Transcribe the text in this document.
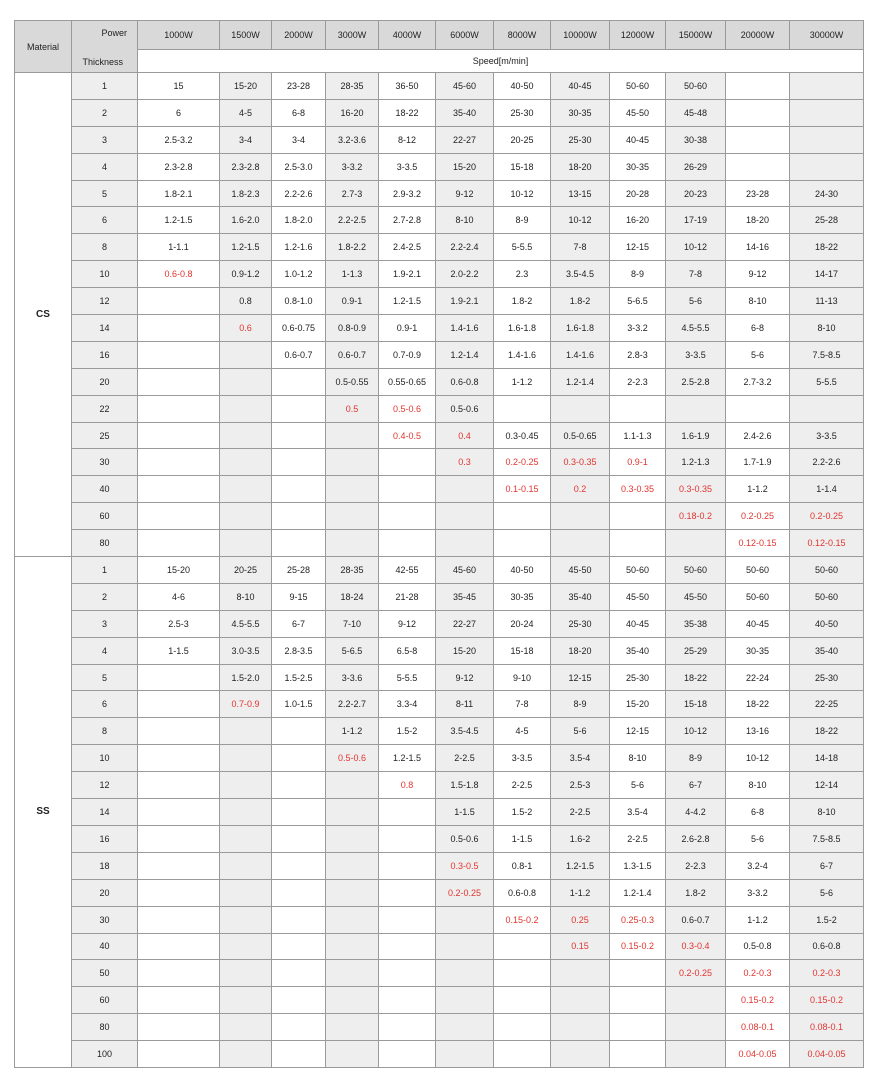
Material	Power
Thickness	1000W	1500W	2000W	3000W	4000W	6000W	8000W	10000W	12000W	15000W	20000W	30000W
		Speed[m/min]											
CS	1	15	15-20	23-28	28-35	36-50	45-60	40-50	40-45	50-60	50-60		
	2	6	4-5	6-8	16-20	18-22	35-40	25-30	30-35	45-50	45-48		
	3	2.5-3.2	3-4	3-4	3.2-3.6	8-12	22-27	20-25	25-30	40-45	30-38		
	4	2.3-2.8	2.3-2.8	2.5-3.0	3-3.2	3-3.5	15-20	15-18	18-20	30-35	26-29		
	5	1.8-2.1	1.8-2.3	2.2-2.6	2.7-3	2.9-3.2	9-12	10-12	13-15	20-28	20-23	23-28	24-30
	6	1.2-1.5	1.6-2.0	1.8-2.0	2.2-2.5	2.7-2.8	8-10	8-9	10-12	16-20	17-19	18-20	25-28
	8	1-1.1	1.2-1.5	1.2-1.6	1.8-2.2	2.4-2.5	2.2-2.4	5-5.5	7-8	12-15	10-12	14-16	18-22
	10	0.6-0.8	0.9-1.2	1.0-1.2	1-1.3	1.9-2.1	2.0-2.2	2.3	3.5-4.5	8-9	7-8	9-12	14-17
	12		0.8	0.8-1.0	0.9-1	1.2-1.5	1.9-2.1	1.8-2	1.8-2	5-6.5	5-6	8-10	11-13
	14		0.6	0.6-0.75	0.8-0.9	0.9-1	1.4-1.6	1.6-1.8	1.6-1.8	3-3.2	4.5-5.5	6-8	8-10
	16			0.6-0.7	0.6-0.7	0.7-0.9	1.2-1.4	1.4-1.6	1.4-1.6	2.8-3	3-3.5	5-6	7.5-8.5
	20				0.5-0.55	0.55-0.65	0.6-0.8	1-1.2	1.2-1.4	2-2.3	2.5-2.8	2.7-3.2	5-5.5
	22				0.5	0.5-0.6	0.5-0.6						
	25					0.4-0.5	0.4	0.3-0.45	0.5-0.65	1.1-1.3	1.6-1.9	2.4-2.6	3-3.5
	30						0.3	0.2-0.25	0.3-0.35	0.9-1	1.2-1.3	1.7-1.9	2.2-2.6
	40							0.1-0.15	0.2	0.3-0.35	0.3-0.35	1-1.2	1-1.4
	60										0.18-0.2	0.2-0.25	0.2-0.25
	80											0.12-0.15	0.12-0.15
SS	1	15-20	20-25	25-28	28-35	42-55	45-60	40-50	45-50	50-60	50-60	50-60	50-60
	2	4-6	8-10	9-15	18-24	21-28	35-45	30-35	35-40	45-50	45-50	50-60	50-60
	3	2.5-3	4.5-5.5	6-7	7-10	9-12	22-27	20-24	25-30	40-45	35-38	40-45	40-50
	4	1-1.5	3.0-3.5	2.8-3.5	5-6.5	6.5-8	15-20	15-18	18-20	35-40	25-29	30-35	35-40
	5		1.5-2.0	1.5-2.5	3-3.6	5-5.5	9-12	9-10	12-15	25-30	18-22	22-24	25-30
	6		0.7-0.9	1.0-1.5	2.2-2.7	3.3-4	8-11	7-8	8-9	15-20	15-18	18-22	22-25
	8				1-1.2	1.5-2	3.5-4.5	4-5	5-6	12-15	10-12	13-16	18-22
	10				0.5-0.6	1.2-1.5	2-2.5	3-3.5	3.5-4	8-10	8-9	10-12	14-18
	12					0.8	1.5-1.8	2-2.5	2.5-3	5-6	6-7	8-10	12-14
	14						1-1.5	1.5-2	2-2.5	3.5-4	4-4.2	6-8	8-10
	16						0.5-0.6	1-1.5	1.6-2	2-2.5	2.6-2.8	5-6	7.5-8.5
	18						0.3-0.5	0.8-1	1.2-1.5	1.3-1.5	2-2.3	3.2-4	6-7
	20						0.2-0.25	0.6-0.8	1-1.2	1.2-1.4	1.8-2	3-3.2	5-6
	30							0.15-0.2	0.25	0.25-0.3	0.6-0.7	1-1.2	1.5-2
	40								0.15	0.15-0.2	0.3-0.4	0.5-0.8	0.6-0.8
	50										0.2-0.25	0.2-0.3	0.2-0.3
	60											0.15-0.2	0.15-0.2
	80											0.08-0.1	0.08-0.1
	100											0.04-0.05	0.04-0.05
